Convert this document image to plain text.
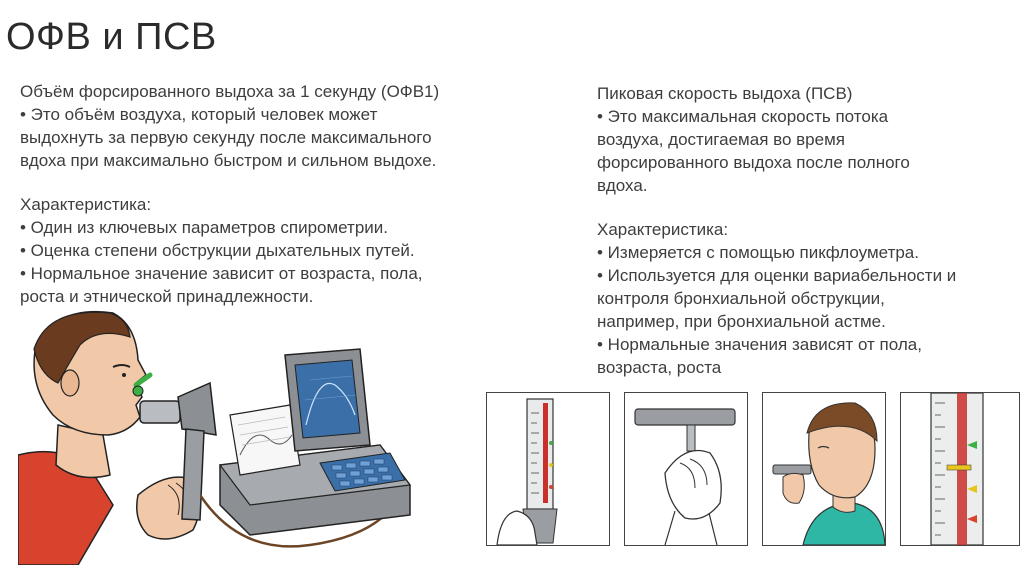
ОФВ и ПСВ

Объём форсированного выдоха за 1 секунду (ОФВ1)

• Это объём воздуха, который человек может

выдохнуть за первую секунду после максимального

вдоха при максимально быстром и сильном выдохе.

Характеристика:

• Один из ключевых параметров спирометрии.

• Оценка степени обструкции дыхательных путей.

• Нормальное значение зависит от возраста, пола,

роста и этнической принадлежности.

Пиковая скорость выдоха (ПСВ)

• Это максимальная скорость потока

воздуха, достигаемая во время

форсированного выдоха после полного

вдоха.

Характеристика:

• Измеряется с помощью пикфлоуметра.

• Используется для оценки вариабельности и

контроля бронхиальной обструкции,

например, при бронхиальной астме.

• Нормальные значения зависят от пола,

возраста, роста
